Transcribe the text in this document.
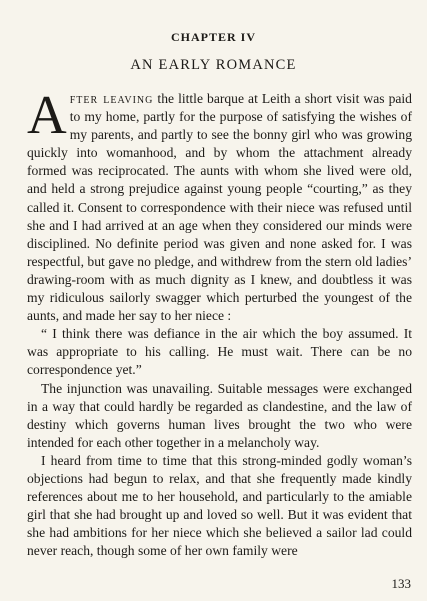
CHAPTER IV
AN EARLY ROMANCE

After leaving the little barque at Leith a short visit was paid to my home, partly for the purpose of satisfying the wishes of my parents, and partly to see the bonny girl who was growing quickly into womanhood, and by whom the attachment already formed was reciprocated. The aunts with whom she lived were old, and held a strong prejudice against young people “courting,” as they called it. Consent to correspondence with their niece was refused until she and I had arrived at an age when they considered our minds were disciplined. No definite period was given and none asked for. I was respectful, but gave no pledge, and withdrew from the stern old ladies’ drawing-room with as much dignity as I knew, and doubtless it was my ridiculous sailorly swagger which perturbed the youngest of the aunts, and made her say to her niece :

“ I think there was defiance in the air which the boy assumed. It was appropriate to his calling. He must wait. There can be no correspondence yet.”

The injunction was unavailing. Suitable messages were exchanged in a way that could hardly be regarded as clandestine, and the law of destiny which governs human lives brought the two who were intended for each other together in a melancholy way.

I heard from time to time that this strong-minded godly woman’s objections had begun to relax, and that she frequently made kindly references about me to her household, and particularly to the amiable girl that she had brought up and loved so well. But it was evident that she had ambitions for her niece which she believed a sailor lad could never reach, though some of her own family were

133
